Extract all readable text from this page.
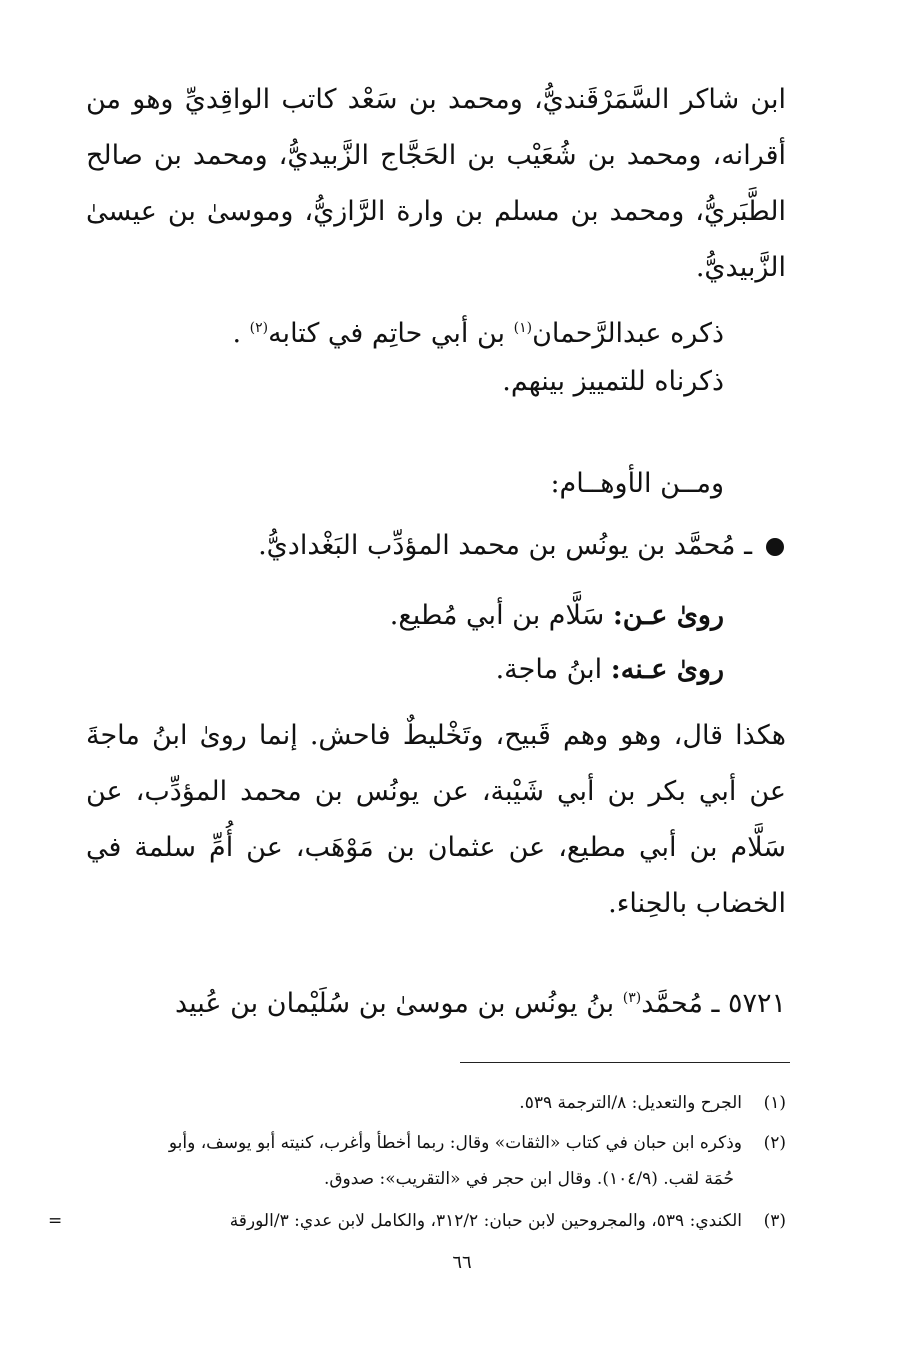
ابن شاكر السَّمَرْقَنديُّ، ومحمد بن سَعْد كاتب الواقِديِّ وهو من أقرانه، ومحمد بن شُعَيْب بن الحَجَّاج الزَّبيديُّ، ومحمد بن صالح الطَّبَريُّ، ومحمد بن مسلم بن وارة الرَّازيُّ، وموسىٰ بن عيسىٰ الزَّبيديُّ.

ذكره عبدالرَّحمان$^{(١)}$ بن أبي حاتِم في كتابه$^{(٢)}$ .

ذكرناه للتمييز بينهم.

ومــن الأوهــام:
ـ مُحمَّد بن يونُس بن محمد المؤدِّب البَغْداديُّ.
روىٰ عـن: سَلَّام بن أبي مُطيع.
روىٰ عـنه: ابنُ ماجة.

هكذا قال، وهو وهم قَبيح، وتَخْليطٌ فاحش. إنما روىٰ ابنُ ماجةَ عن أبي بكر بن أبي شَيْبة، عن يونُس بن محمد المؤدِّب، عن سَلَّام بن أبي مطيع، عن عثمان بن مَوْهَب، عن أُمِّ سلمة في الخضاب بالحِناء.

٥٧٢١ ـ مُحمَّد$^{(٣)}$ بنُ يونُس بن موسىٰ بن سُلَيْمان بن عُبيد

(١)الجرح والتعديل: ٨/الترجمة ٥٣٩.

(٢)وذكره ابن حبان في كتاب «الثقات» وقال: ربما أخطأ وأغرب، كنيته أبو يوسف، وأبو

حُمَة لقب. (١٠٤/٩). وقال ابن حجر في «التقريب»: صدوق.

(٣)الكندي: ٥٣٩، والمجروحين لابن حبان: ٣١٢/٢، والكامل لابن عدي: ٣/الورقة

=
٦٦
